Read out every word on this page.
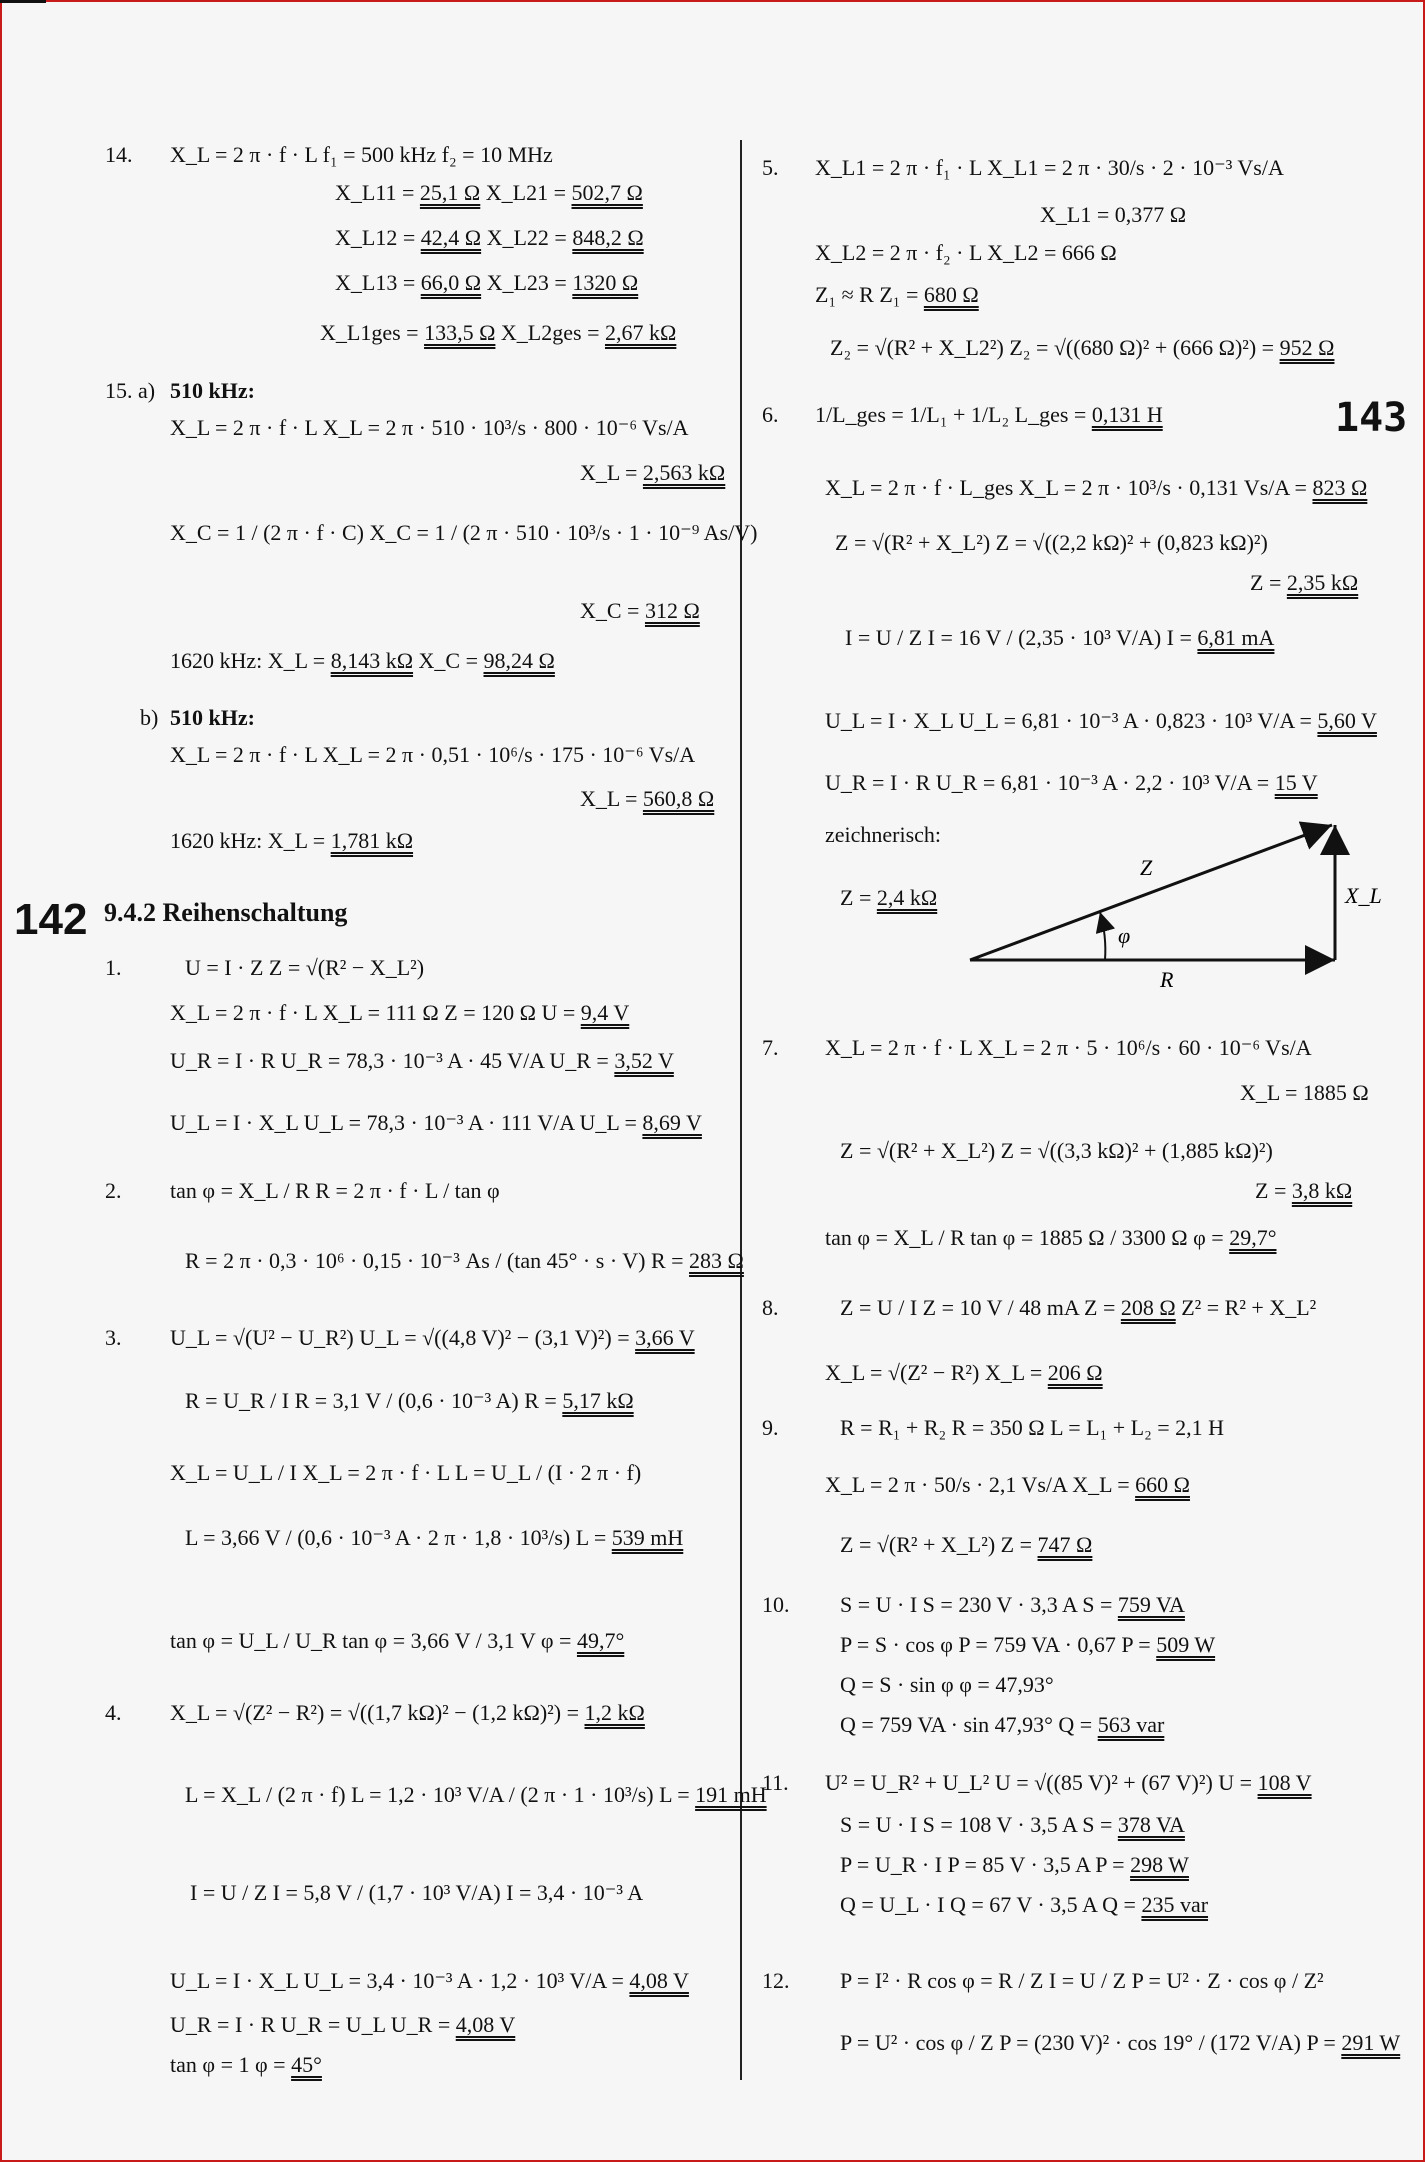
142
143
9.4.2 Reihenschaltung
14. X_L = 2 π · f · L f₁ = 500 kHz f₂ = 10 MHz
X_L11 = 25,1 Ω X_L21 = 502,7 Ω
X_L12 = 42,4 Ω X_L22 = 848,2 Ω
X_L13 = 66,0 Ω X_L23 = 1320 Ω
X_L1ges = 133,5 Ω X_L2ges = 2,67 kΩ
15. a) 510 kHz:
X_L = 2 π · f · L X_L = 2 π · 510 · 10³/s · 800 · 10⁻⁶ Vs/A
X_L = 2,563 kΩ
X_C = 1 / (2 π · f · C) X_C = 1 / (2 π · 510 · 10³/s · 1 · 10⁻⁹ As/V)
X_C = 312 Ω
1620 kHz: X_L = 8,143 kΩ X_C = 98,24 Ω
b) 510 kHz:
X_L = 2 π · f · L X_L = 2 π · 0,51 · 10⁶/s · 175 · 10⁻⁶ Vs/A
X_L = 560,8 Ω
1620 kHz: X_L = 1,781 kΩ
1.	U = I · Z Z = √(R² − X_L²)
X_L = 2 π · f · L X_L = 111 Ω Z = 120 Ω U = 9,4 V
U_R = I · R U_R = 78,3 · 10⁻³ A · 45 V/A U_R = 3,52 V
U_L = I · X_L U_L = 78,3 · 10⁻³ A · 111 V/A U_L = 8,69 V
2. tan φ = X_L / R R = 2 π · f · L / tan φ
R = 2 π · 0,3 · 10⁶ · 0,15 · 10⁻³ As / (tan 45° · s · V) R = 283 Ω
3. U_L = √(U² − U_R²) U_L = √((4,8 V)² − (3,1 V)²) = 3,66 V
R = U_R / I R = 3,1 V / (0,6 · 10⁻³ A) R = 5,17 kΩ
X_L = U_L / I X_L = 2 π · f · L L = U_L / (I · 2 π · f)
L = 3,66 V / (0,6 · 10⁻³ A · 2 π · 1,8 · 10³/s) L = 539 mH
tan φ = U_L / U_R tan φ = 3,66 V / 3,1 V φ = 49,7°
4. X_L = √(Z² − R²) = √((1,7 kΩ)² − (1,2 kΩ)²) = 1,2 kΩ
L = X_L / (2 π · f) L = 1,2 · 10³ V/A / (2 π · 1 · 10³/s) L = 191 mH
I = U / Z I = 5,8 V / (1,7 · 10³ V/A) I = 3,4 · 10⁻³ A
U_L = I · X_L U_L = 3,4 · 10⁻³ A · 1,2 · 10³ V/A = 4,08 V
U_R = I · R U_R = U_L U_R = 4,08 V
tan φ = 1 φ = 45°
5. X_L1 = 2 π · f₁ · L X_L1 = 2 π · 30/s · 2 · 10⁻³ Vs/A
X_L1 = 0,377 Ω
X_L2 = 2 π · f₂ · L X_L2 = 666 Ω
Z₁ ≈ R Z₁ = 680 Ω
Z₂ = √(R² + X_L2²) Z₂ = √((680 Ω)² + (666 Ω)²) = 952 Ω
6. 1/L_ges = 1/L₁ + 1/L₂ L_ges = 0,131 H
X_L = 2 π · f · L_ges X_L = 2 π · 10³/s · 0,131 Vs/A = 823 Ω
Z = √(R² + X_L²) Z = √((2,2 kΩ)² + (0,823 kΩ)²)
Z = 2,35 kΩ
I = U / Z I = 16 V / (2,35 · 10³ V/A) I = 6,81 mA
U_L = I · X_L U_L = 6,81 · 10⁻³ A · 0,823 · 10³ V/A = 5,60 V
U_R = I · R U_R = 6,81 · 10⁻³ A · 2,2 · 10³ V/A = 15 V
zeichnerisch:
Z = 2,4 kΩ
7. X_L = 2 π · f · L X_L = 2 π · 5 · 10⁶/s · 60 · 10⁻⁶ Vs/A
X_L = 1885 Ω
Z = √(R² + X_L²) Z = √((3,3 kΩ)² + (1,885 kΩ)²)
Z = 3,8 kΩ
tan φ = X_L / R tan φ = 1885 Ω / 3300 Ω φ = 29,7°
8.	Z = U / I Z = 10 V / 48 mA Z = 208 Ω Z² = R² + X_L²
X_L = √(Z² − R²) X_L = 206 Ω
9.	R = R₁ + R₂ R = 350 Ω L = L₁ + L₂ = 2,1 H
X_L = 2 π · 50/s · 2,1 Vs/A X_L = 660 Ω
Z = √(R² + X_L²) Z = 747 Ω
10. S = U · I S = 230 V · 3,3 A S = 759 VA
P = S · cos φ P = 759 VA · 0,67 P = 509 W
Q = S · sin φ φ = 47,93°
Q = 759 VA · sin 47,93° Q = 563 var
11. U² = U_R² + U_L² U = √((85 V)² + (67 V)²) U = 108 V
S = U · I S = 108 V · 3,5 A S = 378 VA
P = U_R · I P = 85 V · 3,5 A P = 298 W
Q = U_L · I Q = 67 V · 3,5 A Q = 235 var
12. P = I² · R cos φ = R / Z I = U / Z P = U² · Z · cos φ / Z²
P = U² · cos φ / Z P = (230 V)² · cos 19° / (172 V/A) P = 291 W
Z
X_L
R
φ
